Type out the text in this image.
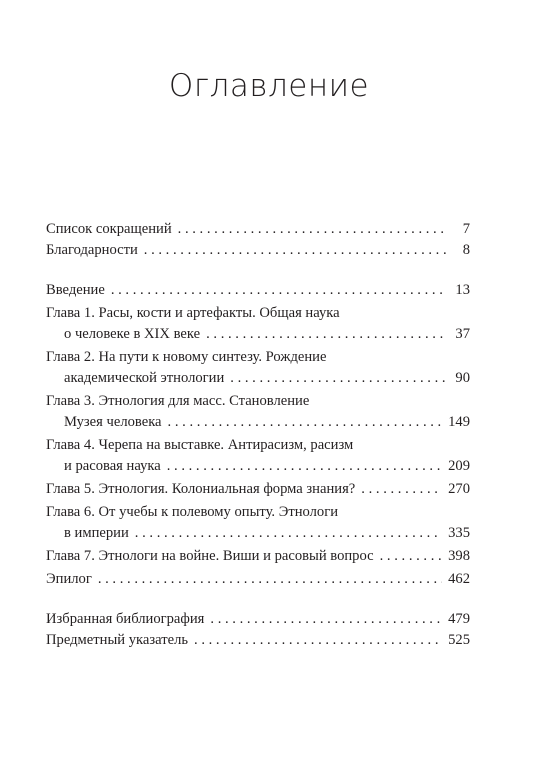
Оглавление
Список сокращений . . .	7
Благодарности . . .	8
Введение . . .	13
Глава 1. Расы, кости и артефакты. Общая наука
о человеке в XIX веке . . .	37
Глава 2. На пути к новому синтезу. Рождение
академической этнологии . . .	90
Глава 3. Этнология для масс. Становление
Музея человека . . .	149
Глава 4. Черепа на выставке. Антирасизм, расизм
и расовая наука . . .	209
Глава 5. Этнология. Колониальная форма знания? . . .	270
Глава 6. От учебы к полевому опыту. Этнологи
в империи . . .	335
Глава 7. Этнологи на войне. Виши и расовый вопрос . . .	398
Эпилог . . .	462
Избранная библиография . . .	479
Предметный указатель . . .	525
